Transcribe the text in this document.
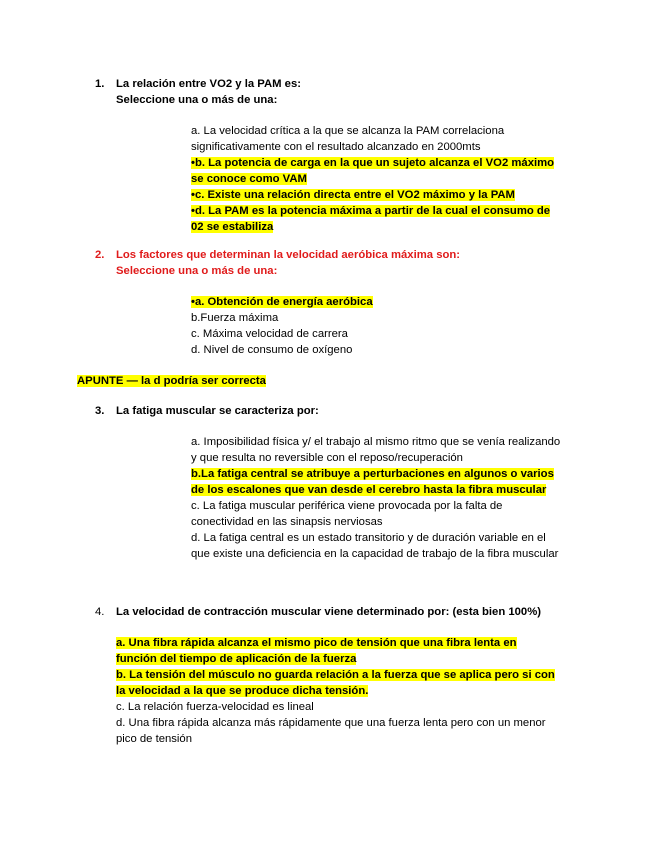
1. La relación entre VO2 y la PAM es:
Seleccione una o más de una:
a. La velocidad crítica a la que se alcanza la PAM correlaciona
significativamente con el resultado alcanzado en 2000mts
•b. La potencia de carga en la que un sujeto alcanza el VO2 máximo
se conoce como VAM
•c. Existe una relación directa entre el VO2 máximo y la PAM
•d. La PAM es la potencia máxima a partir de la cual el consumo de
02 se estabiliza
2. Los factores que determinan la velocidad aeróbica máxima son:
Seleccione una o más de una:
•a. Obtención de energía aeróbica
b.Fuerza máxima
c. Máxima velocidad de carrera
d. Nivel de consumo de oxígeno
APUNTE — la d podría ser correcta
3. La fatiga muscular se caracteriza por:
a. Imposibilidad física y/ el trabajo al mismo ritmo que se venía realizando
y que resulta no reversible con el reposo/recuperación
b.La fatiga central se atribuye a perturbaciones en algunos o varios
de los escalones que van desde el cerebro hasta la fibra muscular
c. La fatiga muscular periférica viene provocada por la falta de
conectividad en las sinapsis nerviosas
d. La fatiga central es un estado transitorio y de duración variable en el
que existe una deficiencia en la capacidad de trabajo de la fibra muscular
4. La velocidad de contracción muscular viene determinado por: (esta bien 100%)
a. Una fibra rápida alcanza el mismo pico de tensión que una fibra lenta en
función del tiempo de aplicación de la fuerza
b. La tensión del músculo no guarda relación a la fuerza que se aplica pero si con
la velocidad a la que se produce dicha tensión.
c. La relación fuerza-velocidad es lineal
d. Una fibra rápida alcanza más rápidamente que una fuerza lenta pero con un menor
pico de tensión
